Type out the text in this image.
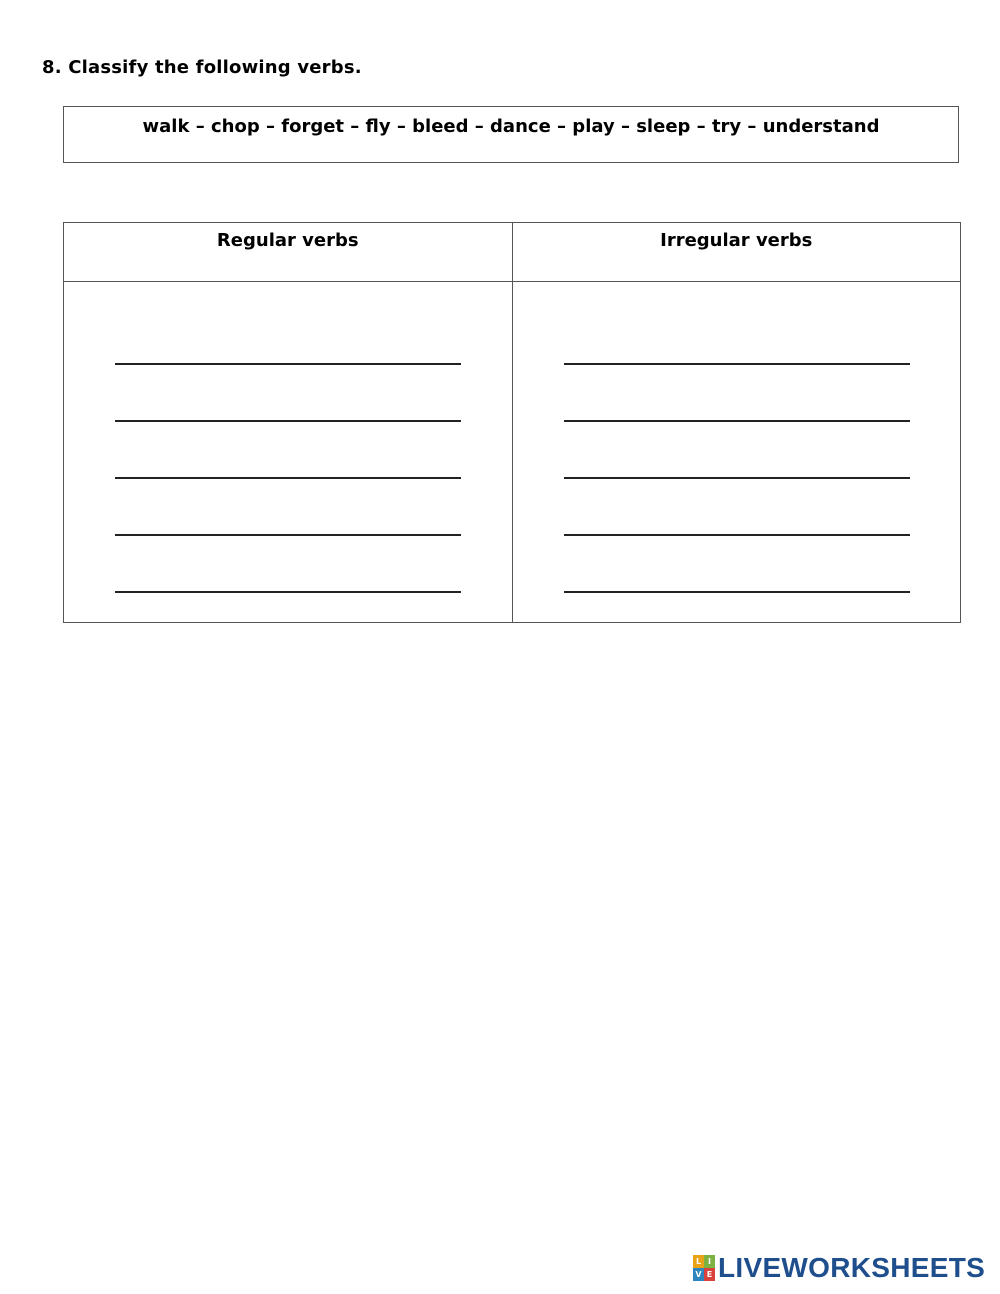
8. Classify the following verbs.
walk – chop – forget – fly – bleed – dance – play – sleep – try – understand
Regular verbs	Irregular verbs

L I
V E LIVEWORKSHEETS
